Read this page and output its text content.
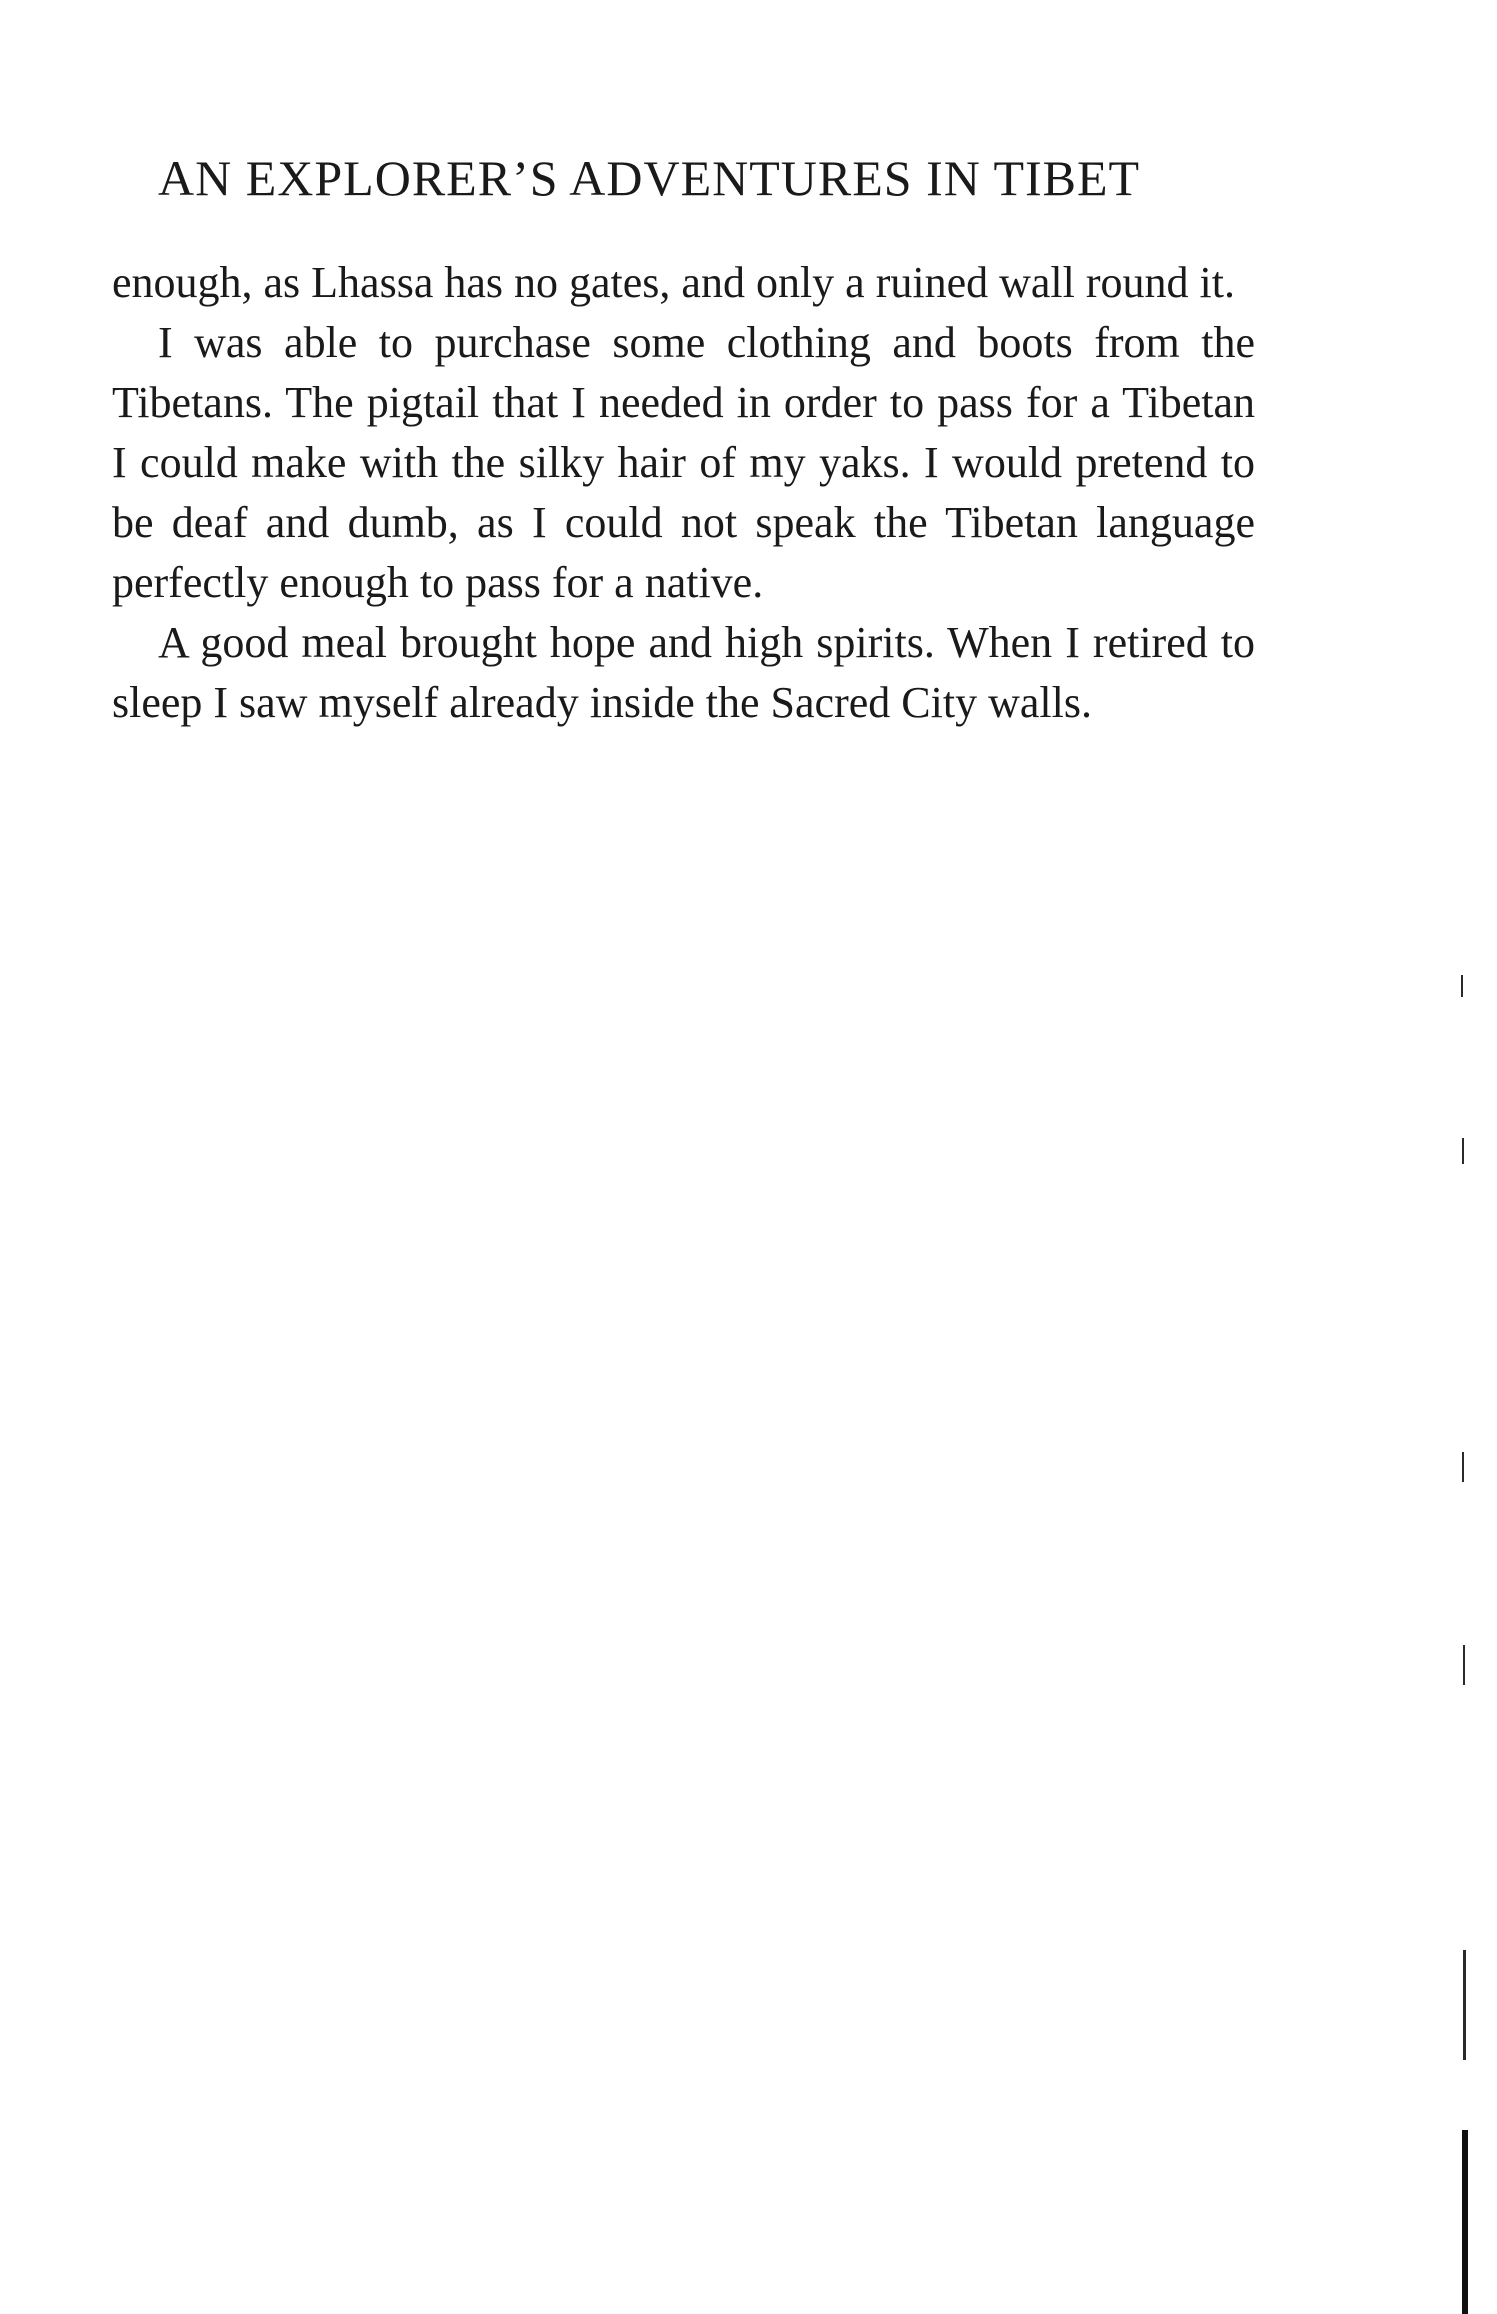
AN EXPLORER’S ADVENTURES IN TIBET

enough, as Lhassa has no gates, and only a ruined wall round it.

I was able to purchase some clothing and boots from the Tibetans. The pigtail that I needed in order to pass for a Tibetan I could make with the silky hair of my yaks. I would pretend to be deaf and dumb, as I could not speak the Tibetan language perfectly enough to pass for a native.

A good meal brought hope and high spirits. When I retired to sleep I saw myself already inside the Sacred City walls.
